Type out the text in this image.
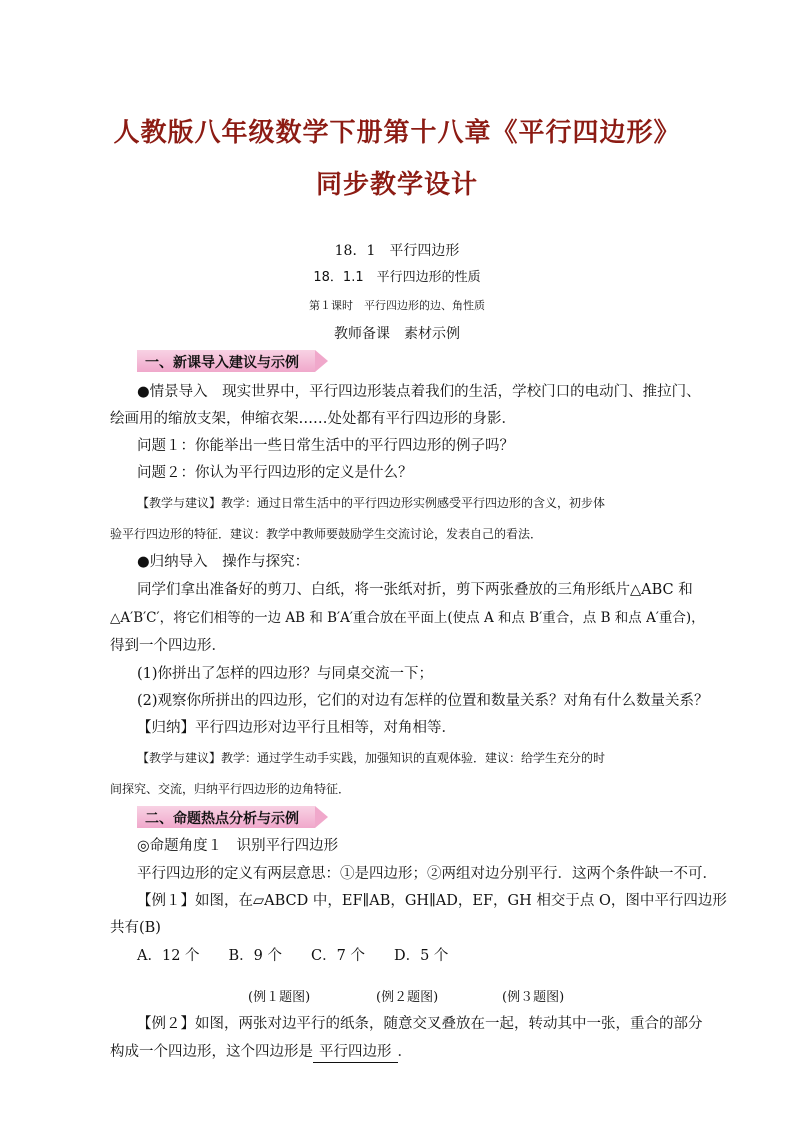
人教版八年级数学下册第十八章《平行四边形》
同步教学设计
18．1　平行四边形
18．1.1　平行四边形的性质
第１课时　平行四边形的边、角性质
教师备课　素材示例
一、新课导入建议与示例
●情景导入　现实世界中，平行四边形装点着我们的生活，学校门口的电动门、推拉门、
绘画用的缩放支架，伸缩衣架……处处都有平行四边形的身影．
问题１：你能举出一些日常生活中的平行四边形的例子吗？
问题２：你认为平行四边形的定义是什么？
【教学与建议】教学：通过日常生活中的平行四边形实例感受平行四边形的含义，初步体
验平行四边形的特征．建议：教学中教师要鼓励学生交流讨论，发表自己的看法．
●归纳导入　操作与探究：
同学们拿出准备好的剪刀、白纸，将一张纸对折，剪下两张叠放的三角形纸片△ABC 和
△A′B′C′，将它们相等的一边 AB 和 B′A′重合放在平面上(使点 A 和点 B′重合，点 B 和点 A′重合)，
得到一个四边形．
(1)你拼出了怎样的四边形？与同桌交流一下；
(2)观察你所拼出的四边形，它们的对边有怎样的位置和数量关系？对角有什么数量关系？
【归纳】平行四边形对边平行且相等，对角相等．
【教学与建议】教学：通过学生动手实践，加强知识的直观体验．建议：给学生充分的时
间探究、交流，归纳平行四边形的边角特征．
二、命题热点分析与示例
◎命题角度１　识别平行四边形
平行四边形的定义有两层意思：①是四边形；②两组对边分别平行．这两个条件缺一不可．
【例１】如图，在▱ABCD 中，EF∥AB，GH∥AD，EF，GH 相交于点 O，图中平行四边形
共有(B)
A．12 个　　B．9 个　　C．7 个　　D．5 个
(例１题图)	(例２题图)	(例３题图)
【例２】如图，两张对边平行的纸条，随意交叉叠放在一起，转动其中一张，重合的部分
构成一个四边形，这个四边形是 平行四边形 ．
